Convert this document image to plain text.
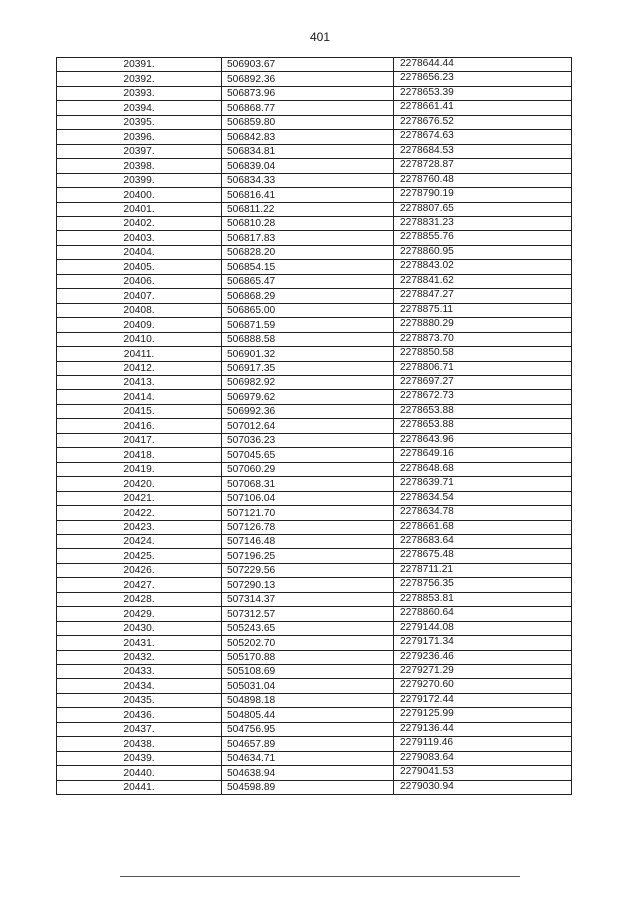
401
20391.	506903.67	2278644.44
20392.	506892.36	2278656.23
20393.	506873.96	2278653.39
20394.	506868.77	2278661.41
20395.	506859.80	2278676.52
20396.	506842.83	2278674.63
20397.	506834.81	2278684.53
20398.	506839.04	2278728.87
20399.	506834.33	2278760.48
20400.	506816.41	2278790.19
20401.	506811.22	2278807.65
20402.	506810.28	2278831.23
20403.	506817.83	2278855.76
20404.	506828.20	2278860.95
20405.	506854.15	2278843.02
20406.	506865.47	2278841.62
20407.	506868.29	2278847.27
20408.	506865.00	2278875.11
20409.	506871.59	2278880.29
20410.	506888.58	2278873.70
20411.	506901.32	2278850.58
20412.	506917.35	2278806.71
20413.	506982.92	2278697.27
20414.	506979.62	2278672.73
20415.	506992.36	2278653.88
20416.	507012.64	2278653.88
20417.	507036.23	2278643.96
20418.	507045.65	2278649.16
20419.	507060.29	2278648.68
20420.	507068.31	2278639.71
20421.	507106.04	2278634.54
20422.	507121.70	2278634.78
20423.	507126.78	2278661.68
20424.	507146.48	2278683.64
20425.	507196.25	2278675.48
20426.	507229.56	2278711.21
20427.	507290.13	2278756.35
20428.	507314.37	2278853.81
20429.	507312.57	2278860.64
20430.	505243.65	2279144.08
20431.	505202.70	2279171.34
20432.	505170.88	2279236.46
20433.	505108.69	2279271.29
20434.	505031.04	2279270.60
20435.	504898.18	2279172.44
20436.	504805.44	2279125.99
20437.	504756.95	2279136.44
20438.	504657.89	2279119.46
20439.	504634.71	2279083.64
20440.	504638.94	2279041.53
20441.	504598.89	2279030.94
